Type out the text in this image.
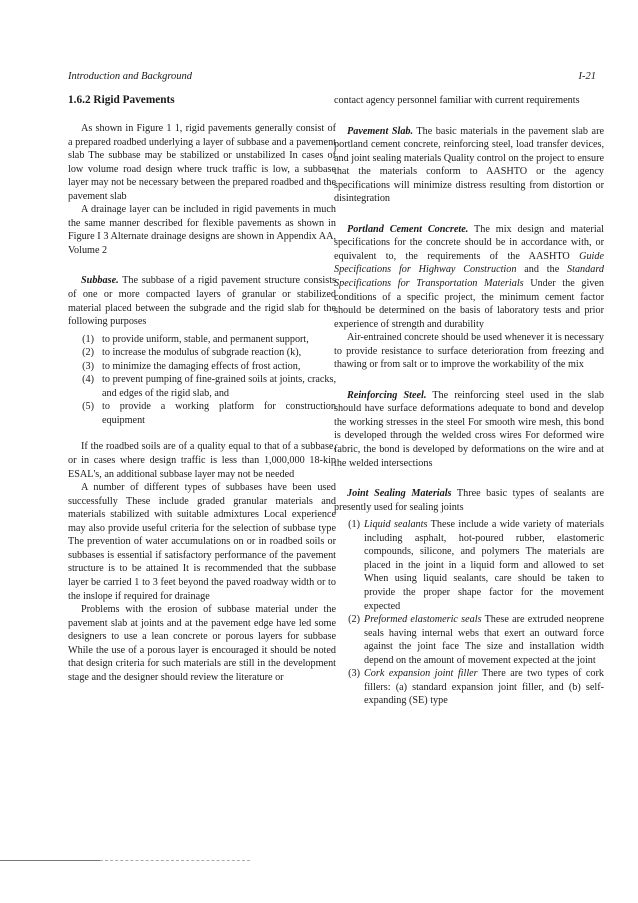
Introduction and Background	I-21
1.6.2 Rigid Pavements

As shown in Figure 1 1, rigid pavements generally consist of a prepared roadbed underlying a layer of subbase and a pavement slab The subbase may be stabilized or unstabilized In cases of low volume road design where truck traffic is low, a subbase layer may not be necessary between the prepared roadbed and the pavement slab

A drainage layer can be included in rigid pavements in much the same manner described for flexible pavements as shown in Figure I 3 Alternate drainage designs are shown in Appendix AA, Volume 2

Subbase. The subbase of a rigid pavement structure consists of one or more compacted layers of granular or stabilized material placed between the subgrade and the rigid slab for the following purposes

(1) to provide uniform, stable, and permanent support,
(2) to increase the modulus of subgrade reaction (k),
(3) to minimize the damaging effects of frost action,
(4) to prevent pumping of fine-grained soils at joints, cracks, and edges of the rigid slab, and
(5) to provide a working platform for construction equipment

If the roadbed soils are of a quality equal to that of a subbase, or in cases where design traffic is less than 1,000,000 18-kip ESAL's, an additional subbase layer may not be needed

A number of different types of subbases have been used successfully These include graded granular materials and materials stabilized with suitable admixtures Local experience may also provide useful criteria for the selection of subbase type The prevention of water accumulations on or in roadbed soils or subbases is essential if satisfactory performance of the pavement structure is to be attained It is recommended that the subbase layer be carried 1 to 3 feet beyond the paved roadway width or to the inslope if required for drainage

Problems with the erosion of subbase material under the pavement slab at joints and at the pavement edge have led some designers to use a lean concrete or porous layers for subbase While the use of a porous layer is encouraged it should be noted that design criteria for such materials are still in the development stage and the designer should review the literature or

contact agency personnel familiar with current requirements

Pavement Slab. The basic materials in the pavement slab are portland cement concrete, reinforcing steel, load transfer devices, and joint sealing materials Quality control on the project to ensure that the materials conform to AASHTO or the agency specifications will minimize distress resulting from distortion or disintegration

Portland Cement Concrete. The mix design and material specifications for the concrete should be in accordance with, or equivalent to, the requirements of the AASHTO Guide Specifications for Highway Construction and the Standard Specifications for Transportation Materials Under the given conditions of a specific project, the minimum cement factor should be determined on the basis of laboratory tests and prior experience of strength and durability

Air-entrained concrete should be used whenever it is necessary to provide resistance to surface deterioration from freezing and thawing or from salt or to improve the workability of the mix

Reinforcing Steel. The reinforcing steel used in the slab should have surface deformations adequate to bond and develop the working stresses in the steel For smooth wire mesh, this bond is developed through the welded cross wires For deformed wire fabric, the bond is developed by deformations on the wire and at the welded intersections

Joint Sealing Materials Three basic types of sealants are presently used for sealing joints

(1) Liquid sealants These include a wide variety of materials including asphalt, hot-poured rubber, elastomeric compounds, silicone, and polymers The materials are placed in the joint in a liquid form and allowed to set When using liquid sealants, care should be taken to provide the proper shape factor for the movement expected
(2) Preformed elastomeric seals These are extruded neoprene seals having internal webs that exert an outward force against the joint face The size and installation width depend on the amount of movement expected at the joint
(3) Cork expansion joint filler There are two types of cork fillers: (a) standard expansion joint filler, and (b) self-expanding (SE) type
